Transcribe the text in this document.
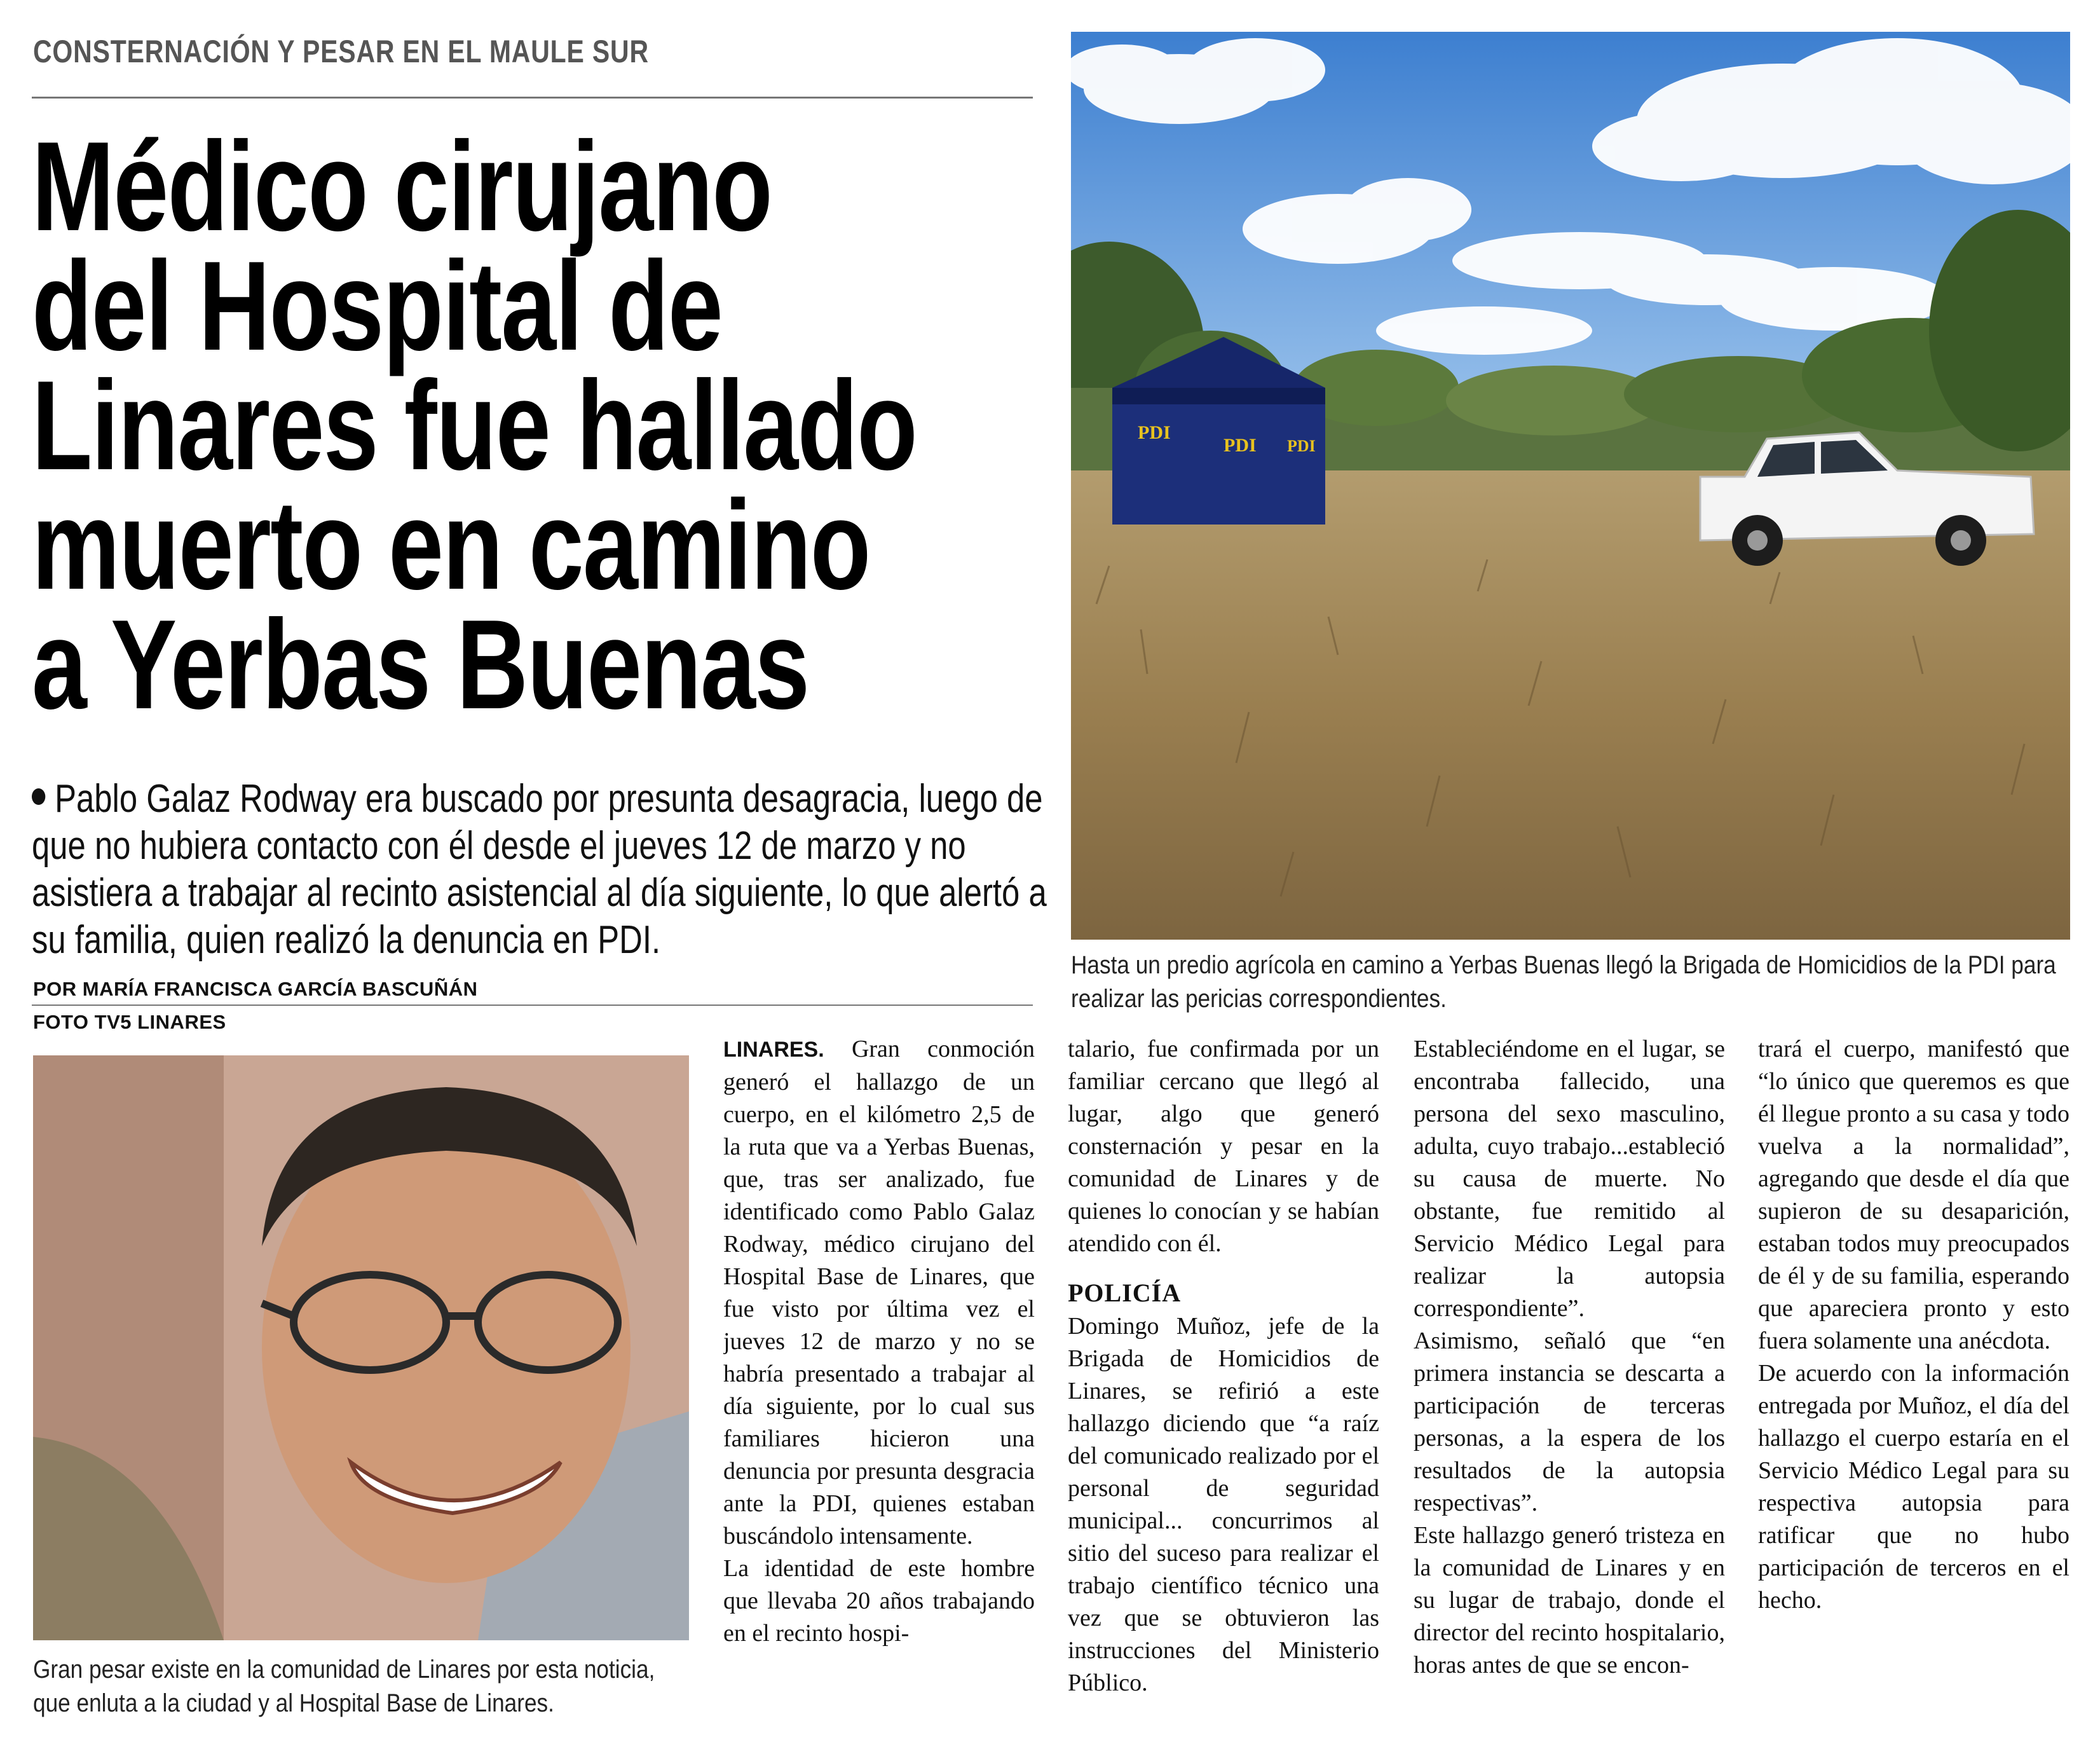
CONSTERNACIÓN Y PESAR EN EL MAULE SUR
Médico cirujano
del Hospital de
Linares fue hallado
muerto en camino
a Yerbas Buenas
Pablo Galaz Rodway era buscado por presunta desagracia, luego de que no hubiera contacto con él desde el jueves 12 de marzo y no asistiera a trabajar al recinto asistencial al día siguiente, lo que alertó a su familia, quien realizó la denuncia en PDI.
POR MARÍA FRANCISCA GARCÍA BASCUÑÁN
FOTO TV5 LINARES
PDI
PDI PDI
Hasta un predio agrícola en camino a Yerbas Buenas llegó la Brigada de Homicidios de la PDI para realizar las pericias correspondientes.
Gran pesar existe en la comunidad de Linares por esta noticia, que enluta a la ciudad y al Hospital Base de Linares.

LINARES. Gran conmoción generó el hallazgo de un cuerpo, en el kilómetro 2,5 de la ruta que va a Yerbas Buenas, que, tras ser analizado, fue identificado como Pablo Galaz Rodway, médico cirujano del Hospital Base de Linares, que fue visto por última vez el jueves 12 de marzo y no se habría presentado a trabajar al día siguiente, por lo cual sus familiares hicieron una denuncia por presunta desgracia ante la PDI, quienes estaban buscándolo intensamente.

La identidad de este hombre que llevaba 20 años trabajando en el recinto hospi-

talario, fue confirmada por un familiar cercano que llegó al lugar, algo que generó consternación y pesar en la comunidad de Linares y de quienes lo conocían y se habían atendido con él.

POLICÍA

Domingo Muñoz, jefe de la Brigada de Homicidios de Linares, se refirió a este hallazgo diciendo que “a raíz del comunicado realizado por el personal de seguridad municipal... concurrimos al sitio del suceso para realizar el trabajo científico técnico una vez que se obtuvieron las instrucciones del Ministerio Público.

Estableciéndome en el lugar, se encontraba fallecido, una persona del sexo masculino, adulta, cuyo trabajo...estableció su causa de muerte. No obstante, fue remitido al Servicio Médico Legal para realizar la autopsia correspondiente”.

Asimismo, señaló que “en primera instancia se descarta a participación de terceras personas, a la espera de los resultados de la autopsia respectivas”.

Este hallazgo generó tristeza en la comunidad de Linares y en su lugar de trabajo, donde el director del recinto hospitalario, horas antes de que se encon-

trará el cuerpo, manifestó que “lo único que queremos es que él llegue pronto a su casa y todo vuelva a la normalidad”, agregando que desde el día que supieron de su desaparición, estaban todos muy preocupados de él y de su familia, esperando que apareciera pronto y esto fuera solamente una anécdota.

De acuerdo con la información entregada por Muñoz, el día del hallazgo el cuerpo estaría en el Servicio Médico Legal para su respectiva autopsia para ratificar que no hubo participación de terceros en el hecho.
